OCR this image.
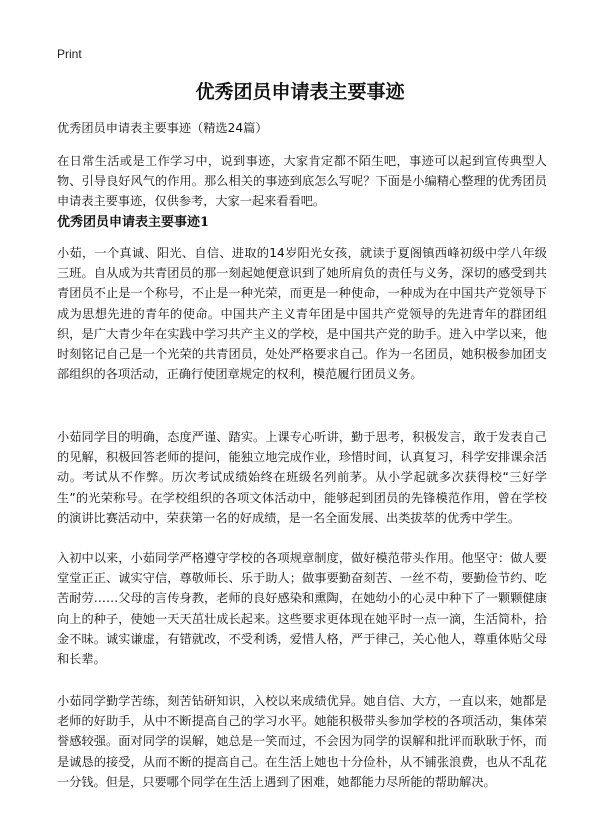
Print
优秀团员申请表主要事迹

优秀团员申请表主要事迹（精选24篇）

在日常生活或是工作学习中，说到事迹，大家肯定都不陌生吧，事迹可以起到宣传典型人物、引导良好风气的作用。那么相关的事迹到底怎么写呢？下面是小编精心整理的优秀团员申请表主要事迹，仅供参考，大家一起来看看吧。

优秀团员申请表主要事迹1

小茹，一个真诚、阳光、自信、进取的14岁阳光女孩，就读于夏阁镇西峰初级中学八年级三班。自从成为共青团员的那一刻起她便意识到了她所肩负的责任与义务，深切的感受到共青团员不止是一个称号，不止是一种光荣，而更是一种使命，一种成为在中国共产党领导下成为思想先进的青年的使命。中国共产主义青年团是中国共产党领导的先进青年的群团组织，是广大青少年在实践中学习共产主义的学校，是中国共产党的助手。进入中学以来，他时刻铭记自己是一个光荣的共青团员，处处严格要求自己。作为一名团员，她积极参加团支部组织的各项活动，正确行使团章规定的权利，模范履行团员义务。

小茹同学目的明确，态度严谨、踏实。上课专心听讲，勤于思考，积极发言，敢于发表自己的见解，积极回答老师的提问，能独立地完成作业，珍惜时间，认真复习，科学安排课余活动。考试从不作弊。历次考试成绩始终在班级名列前茅。从小学起就多次获得校“三好学生”的光荣称号。在学校组织的各项文体活动中，能够起到团员的先锋模范作用，曾在学校的演讲比赛活动中，荣获第一名的好成绩，是一名全面发展、出类拔萃的优秀中学生。

入初中以来，小茹同学严格遵守学校的各项规章制度，做好模范带头作用。他坚守：做人要堂堂正正、诚实守信，尊敬师长、乐于助人；做事要勤奋刻苦、一丝不苟，要勤俭节约、吃苦耐劳……父母的言传身教，老师的良好感染和熏陶，在她幼小的心灵中种下了一颗颗健康向上的种子，使她一天天茁壮成长起来。这些要求更体现在她平时一点一滴，生活简朴，拾金不昧。诚实谦虚，有错就改，不受利诱，爱惜人格，严于律己，关心他人，尊重体贴父母和长辈。

小茹同学勤学苦练，刻苦钻研知识，入校以来成绩优异。她自信、大方，一直以来，她都是老师的好助手，从中不断提高自己的学习水平。她能积极带头参加学校的各项活动，集体荣誉感较强。面对同学的误解，她总是一笑而过，不会因为同学的误解和批评而耿耿于怀，而是诚恳的接受，从而不断的提高自己。在生活上她也十分俭朴，从不铺张浪费，也从不乱花一分钱。但是，只要哪个同学在生活上遇到了困难，她都能力尽所能的帮助解决。
